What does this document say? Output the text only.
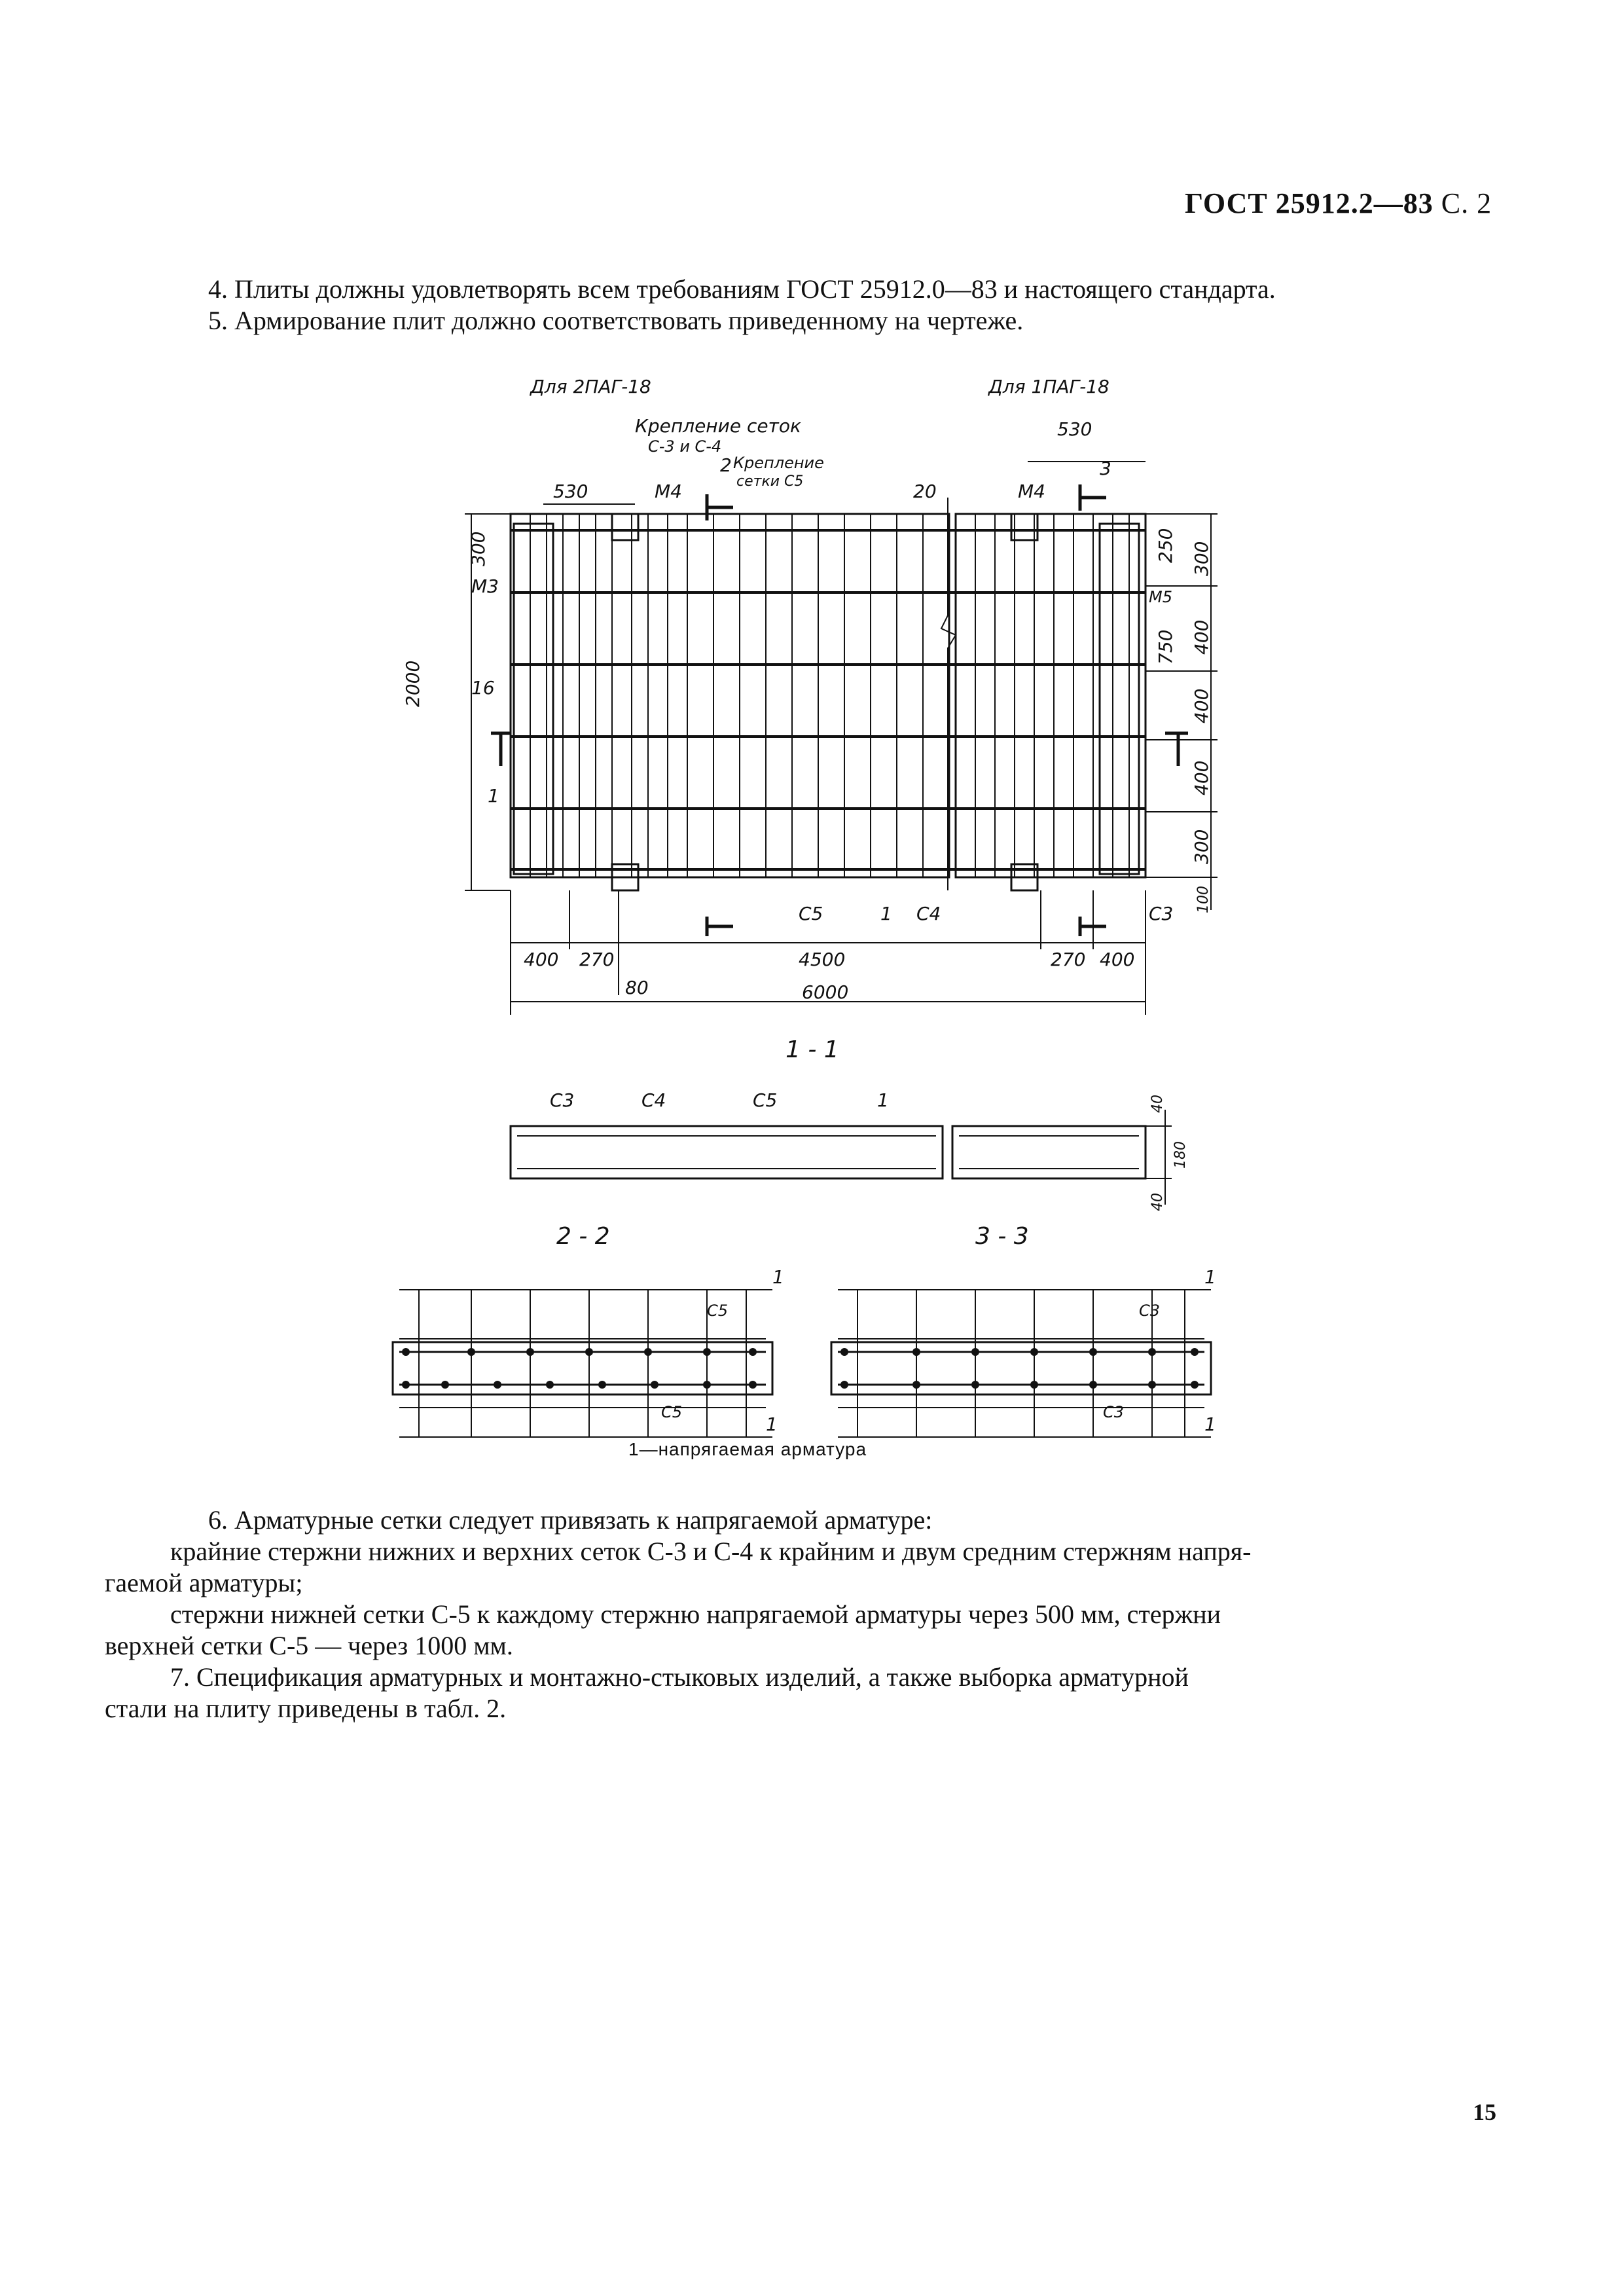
ГОСТ 25912.2—83 С. 2
4. Плиты должны удовлетворять всем требованиям ГОСТ 25912.0—83 и настоящего стандарта.
5. Армирование плит должно соответствовать приведенному на чертеже.
Для 2ПАГ-18	Для 1ПАГ-18
Крепление сеток
С-3 и С-4
Крепление
сетки С5
2	3
1
530
530
20
М4	М4
М3	М5
16
2000
300	300
400
400
400
300
100
250
750
С5	С4	С3
1
400 270	4500	270 400
80	6000
1 - 1
С3	С4	С5	1	40
180
40
2 - 2	3 - 3
1
С5
С5
1
1
С3
С3
1
1—напрягаемая арматура
6. Арматурные сетки следует привязать к напрягаемой арматуре:
крайние стержни нижних и верхних сеток С-3 и С-4 к крайним и двум средним стержням напря-
гаемой арматуры;
стержни нижней сетки С-5 к каждому стержню напрягаемой арматуры через 500 мм, стержни
верхней сетки С-5 — через 1000 мм.
7. Спецификация арматурных и монтажно-стыковых изделий, а также выборка арматурной
стали на плиту приведены в табл. 2.
15
